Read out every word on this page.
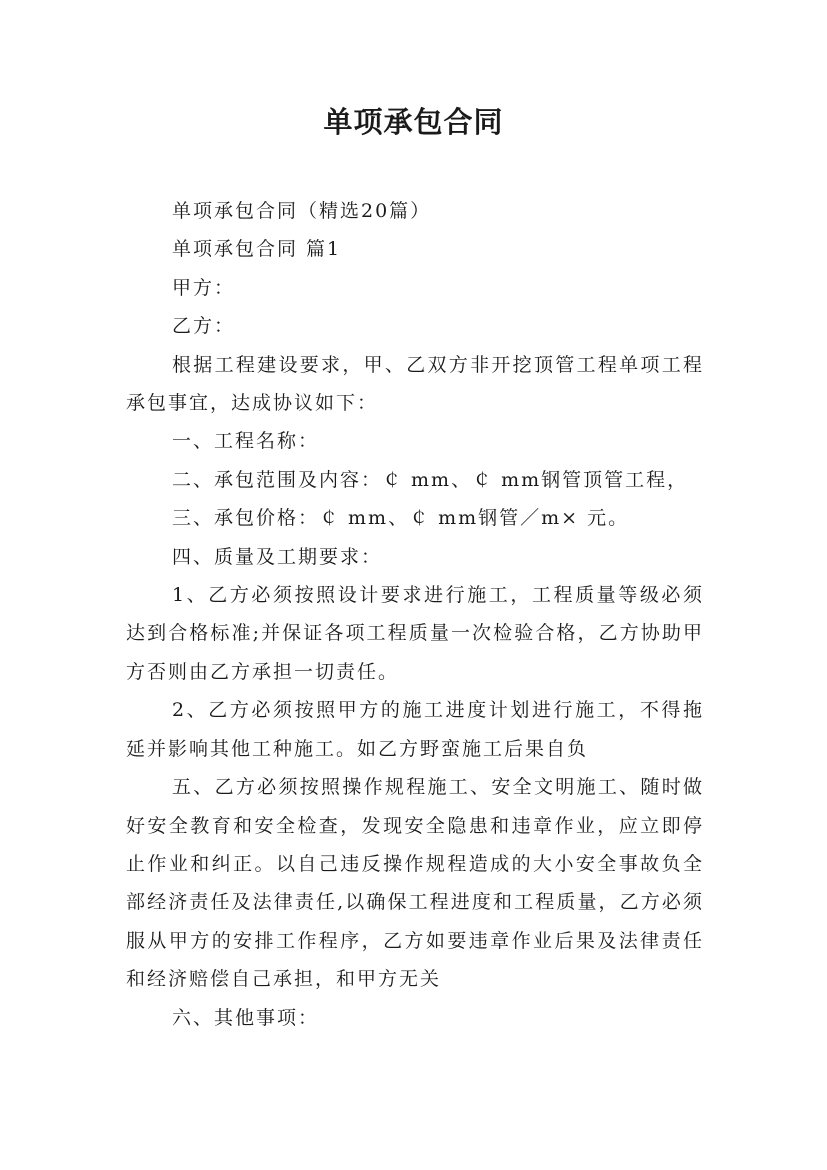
单项承包合同

单项承包合同（精选20篇）

单项承包合同 篇1

甲方：

乙方：

根据工程建设要求，甲、乙双方非开挖顶管工程单项工程承包事宜，达成协议如下：

一、工程名称：

二、承包范围及内容：￠ mm、￠ mm钢管顶管工程，

三、承包价格：￠ mm、￠ mm钢管／m× 元。

四、质量及工期要求：

1、乙方必须按照设计要求进行施工，工程质量等级必须达到合格标准;并保证各项工程质量一次检验合格，乙方协助甲方否则由乙方承担一切责任。

2、乙方必须按照甲方的施工进度计划进行施工，不得拖延并影响其他工种施工。如乙方野蛮施工后果自负

五、乙方必须按照操作规程施工、安全文明施工、随时做好安全教育和安全检查，发现安全隐患和违章作业，应立即停止作业和纠正。以自己违反操作规程造成的大小安全事故负全部经济责任及法律责任,以确保工程进度和工程质量，乙方必须服从甲方的安排工作程序，乙方如要违章作业后果及法律责任和经济赔偿自己承担，和甲方无关

六、其他事项：
